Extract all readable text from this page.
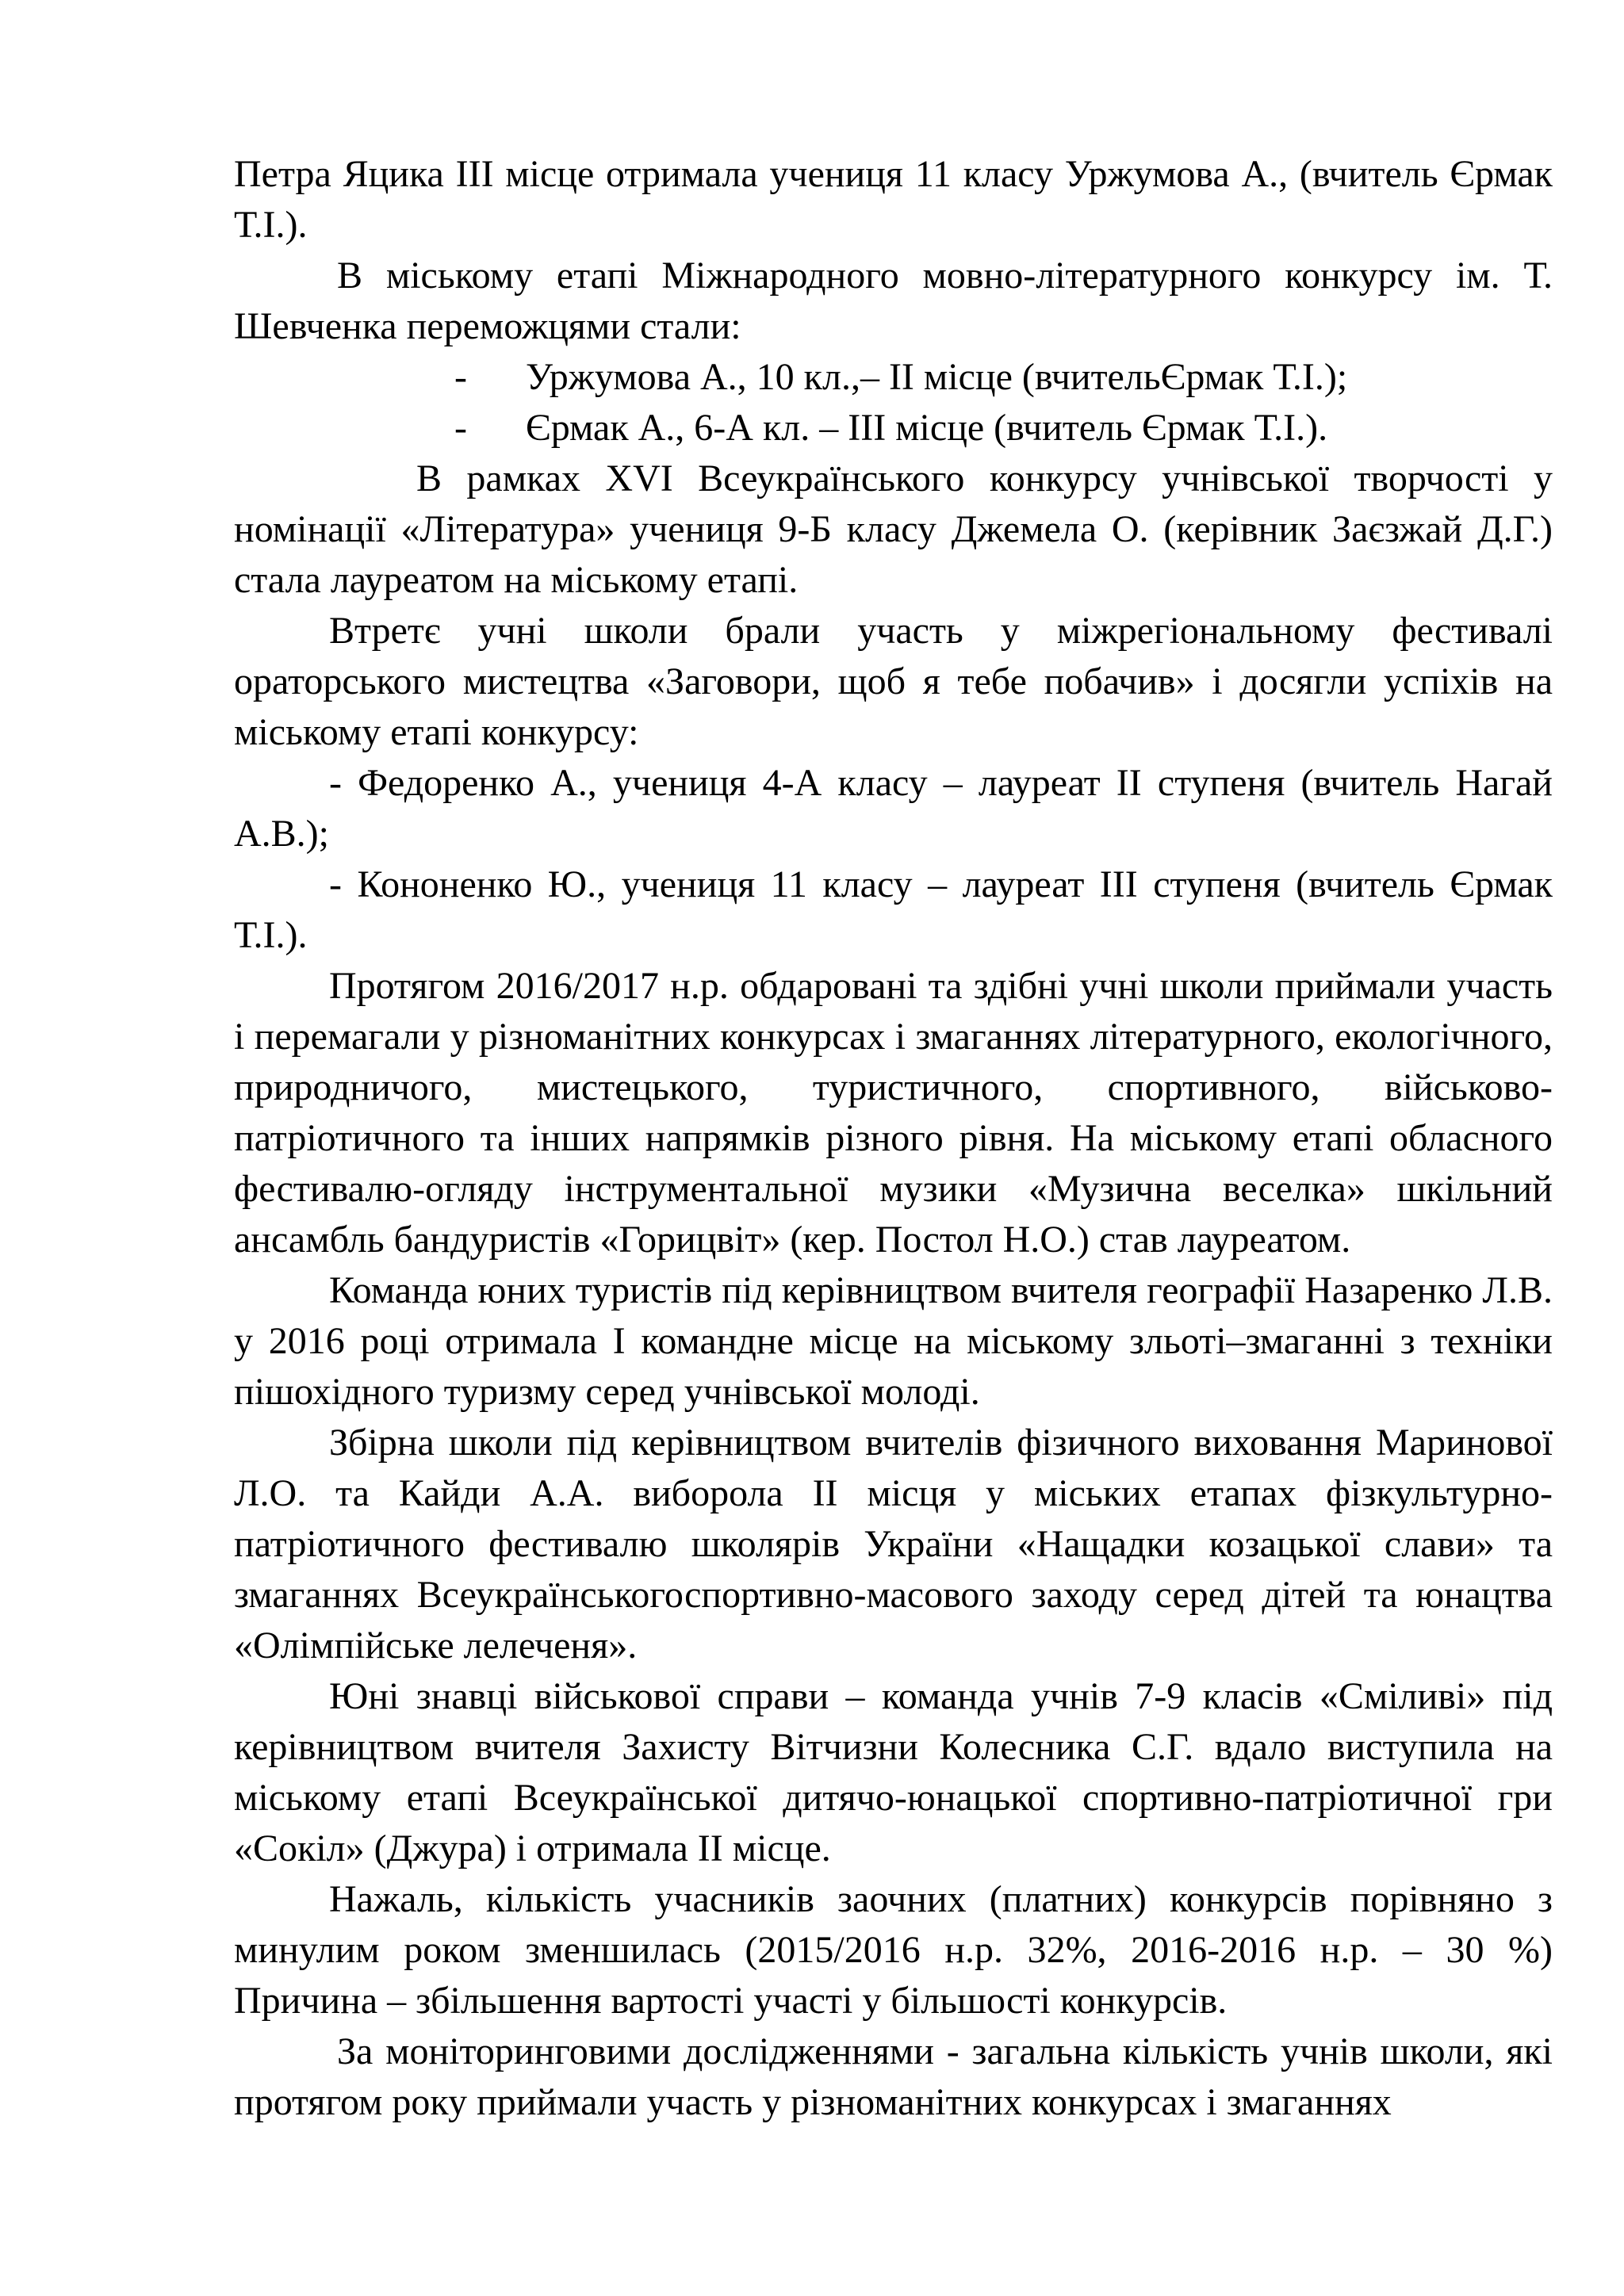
Петра Яцика ІІІ місце отримала учениця 11 класу Уржумова А., (вчитель Єрмак Т.І.).

В міському етапі Міжнародного мовно-літературного конкурсу ім. Т. Шевченка переможцями стали:

-	Уржумова А., 10 кл.,– ІІ місце (вчительЄрмак Т.І.);
-	Єрмак А., 6-А кл. – ІІІ місце (вчитель Єрмак Т.І.).

В рамках XVI Всеукраїнського конкурсу учнівської творчості у номінації «Література» учениця 9-Б класу Джемела О. (керівник Заєзжай Д.Г.) стала лауреатом на міському етапі.

Втретє учні школи брали участь у міжрегіональному фестивалі ораторського мистецтва «Заговори, щоб я тебе побачив» і досягли успіхів на міському етапі конкурсу:

- Федоренко А., учениця 4-А класу – лауреат ІІ ступеня (вчитель Нагай А.В.);

- Кононенко Ю., учениця 11 класу – лауреат ІІІ ступеня (вчитель Єрмак Т.І.).

Протягом 2016/2017 н.р. обдаровані та здібні учні школи приймали участь і перемагали у різноманітних конкурсах і змаганнях літературного, екологічного, природничого, мистецького, туристичного, спортивного, військово-патріотичного та інших напрямків різного рівня. На міському етапі обласного фестивалю-огляду інструментальної музики «Музична веселка» шкільний ансамбль бандуристів «Горицвіт» (кер. Постол Н.О.) став лауреатом.

Команда юних туристів під керівництвом вчителя географії Назаренко Л.В. у 2016 році отримала І командне місце на міському зльоті–змаганні з техніки пішохідного туризму серед учнівської молоді.

Збірна школи під керівництвом вчителів фізичного виховання Маринової Л.О. та Кайди А.А. виборола ІІ місця у міських етапах фізкультурно-патріотичного фестивалю школярів України «Нащадки козацької слави» та змаганнях Всеукраїнськогоспортивно-масового заходу серед дітей та юнацтва «Олімпійське лелеченя».

Юні знавці військової справи – команда учнів 7-9 класів «Сміливі» під керівництвом вчителя Захисту Вітчизни Колесника С.Г. вдало виступила на міському етапі Всеукраїнської дитячо-юнацької спортивно-патріотичної гри «Сокіл» (Джура) і отримала ІІ місце.

Нажаль, кількість учасників заочних (платних) конкурсів порівняно з минулим роком зменшилась (2015/2016 н.р. 32%, 2016-2016 н.р. – 30 %) Причина – збільшення вартості участі у більшості конкурсів.

За моніторинговими дослідженнями - загальна кількість учнів школи, які протягом року приймали участь у різноманітних конкурсах і змаганнях
